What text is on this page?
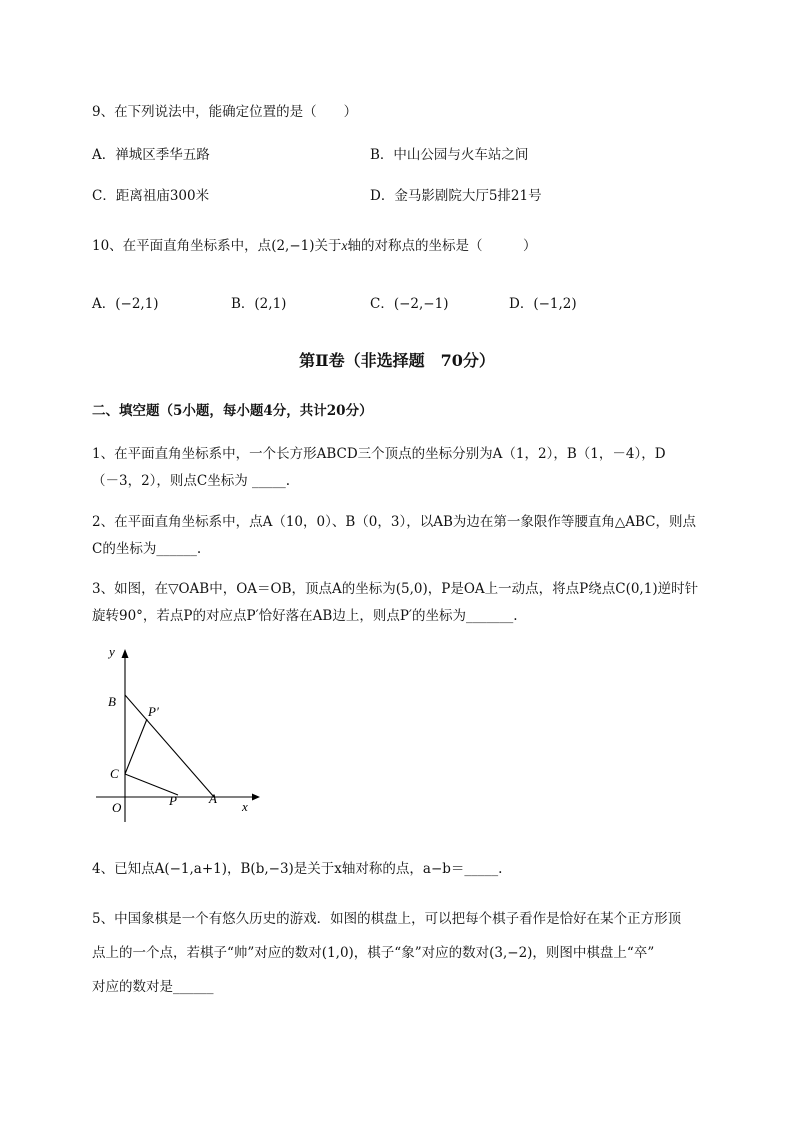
9、在下列说法中，能确定位置的是（　　）
A．禅城区季华五路	B．中山公园与火车站之间
C．距离祖庙300米	D．金马影剧院大厅5排21号
10、在平面直角坐标系中，点(2,−1)关于x轴的对称点的坐标是（　　　）
A．(−2,1)	B．(2,1)	C．(−2,−1)	D．(−1,2)
第Ⅱ卷（非选择题　70分）
二、填空题（5小题，每小题4分，共计20分）
1、在平面直角坐标系中，一个长方形ABCD三个顶点的坐标分别为A（1，2），B（1，－4），D
（－3，2），则点C坐标为 _____.
2、在平面直角坐标系中，点A（10，0）、B（0，3），以AB为边在第一象限作等腰直角△ABC，则点
C的坐标为______.
3、如图，在▽OAB中，OA＝OB，顶点A的坐标为(5,0)，P是OA上一动点，将点P绕点C(0,1)逆时针
旋转90°，若点P的对应点P′恰好落在AB边上，则点P′的坐标为_______.
y
x
B
P′
C
O	P A
4、已知点A(−1,a+1)，B(b,−3)是关于x轴对称的点，a−b＝_____.
5、中国象棋是一个有悠久历史的游戏．如图的棋盘上，可以把每个棋子看作是恰好在某个正方形顶
点上的一个点，若棋子“帅”对应的数对(1,0)，棋子“象”对应的数对(3,−2)，则图中棋盘上“卒”
对应的数对是______
